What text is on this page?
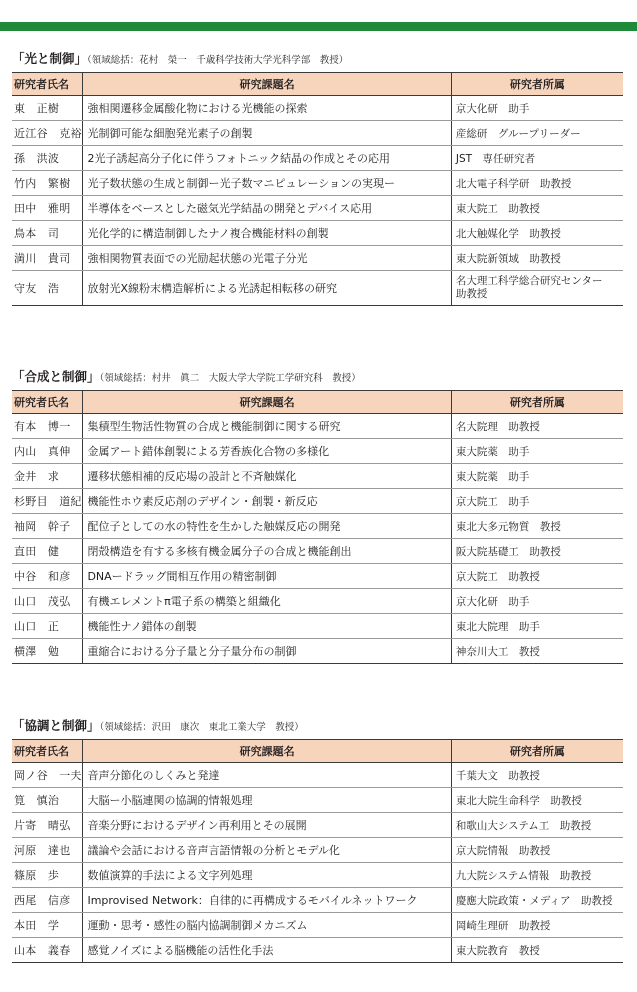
「光と制御」（領域総括：花村　榮一　千歳科学技術大学光科学部　教授）
研究者氏名	研究課題名	研究者所属
東　正樹	強相関遷移金属酸化物における光機能の探索	京大化研　助手
近江谷　克裕	光制御可能な細胞発光素子の創製	産総研　グループリーダー
孫　洪波	2光子誘起高分子化に伴うフォトニック結晶の作成とその応用	JST　専任研究者
竹内　繁樹	光子数状態の生成と制御ー光子数マニピュレーションの実現ー	北大電子科学研　助教授
田中　雅明	半導体をベースとした磁気光学結晶の開発とデバイス応用	東大院工　助教授
鳥本　司	光化学的に構造制御したナノ複合機能材料の創製	北大触媒化学　助教授
満川　貴司	強相関物質表面での光励起状態の光電子分光	東大院新領域　助教授
守友　浩	放射光X線粉末構造解析による光誘起相転移の研究	名大理工科学総合研究センター　助教授
「合成と制御」（領域総括：村井　眞二　大阪大学大学院工学研究科　教授）
研究者氏名	研究課題名	研究者所属
有本　博一	集積型生物活性物質の合成と機能制御に関する研究	名大院理　助教授
内山　真伸	金属アート錯体創製による芳香族化合物の多様化	東大院薬　助手
金井　求	遷移状態相補的反応場の設計と不斉触媒化	東大院薬　助手
杉野目　道紀	機能性ホウ素反応剤のデザイン・創製・新反応	京大院工　助手
袖岡　幹子	配位子としての水の特性を生かした触媒反応の開発	東北大多元物質　教授
直田　健	閉殻構造を有する多核有機金属分子の合成と機能創出	阪大院基礎工　助教授
中谷　和彦	DNAードラッグ間相互作用の精密制御	京大院工　助教授
山口　茂弘	有機エレメントπ電子系の構築と組織化	京大化研　助手
山口　正	機能性ナノ錯体の創製	東北大院理　助手
横澤　勉	重縮合における分子量と分子量分布の制御	神奈川大工　教授
「協調と制御」（領域総括：沢田　康次　東北工業大学　教授）
研究者氏名	研究課題名	研究者所属
岡ノ谷　一夫	音声分節化のしくみと発達	千葉大文　助教授
筧　慎治	大脳ー小脳連関の協調的情報処理	東北大院生命科学　助教授
片寄　晴弘	音楽分野におけるデザイン再利用とその展開	和歌山大システム工　助教授
河原　達也	議論や会話における音声言語情報の分析とモデル化	京大院情報　助教授
篠原　歩	数値演算的手法による文字列処理	九大院システム情報　助教授
西尾　信彦	Improvised Network：自律的に再構成するモバイルネットワーク	慶應大院政策・メディア　助教授
本田　学	運動・思考・感性の脳内協調制御メカニズム	岡崎生理研　助教授
山本　義春	感覚ノイズによる脳機能の活性化手法	東大院教育　教授
